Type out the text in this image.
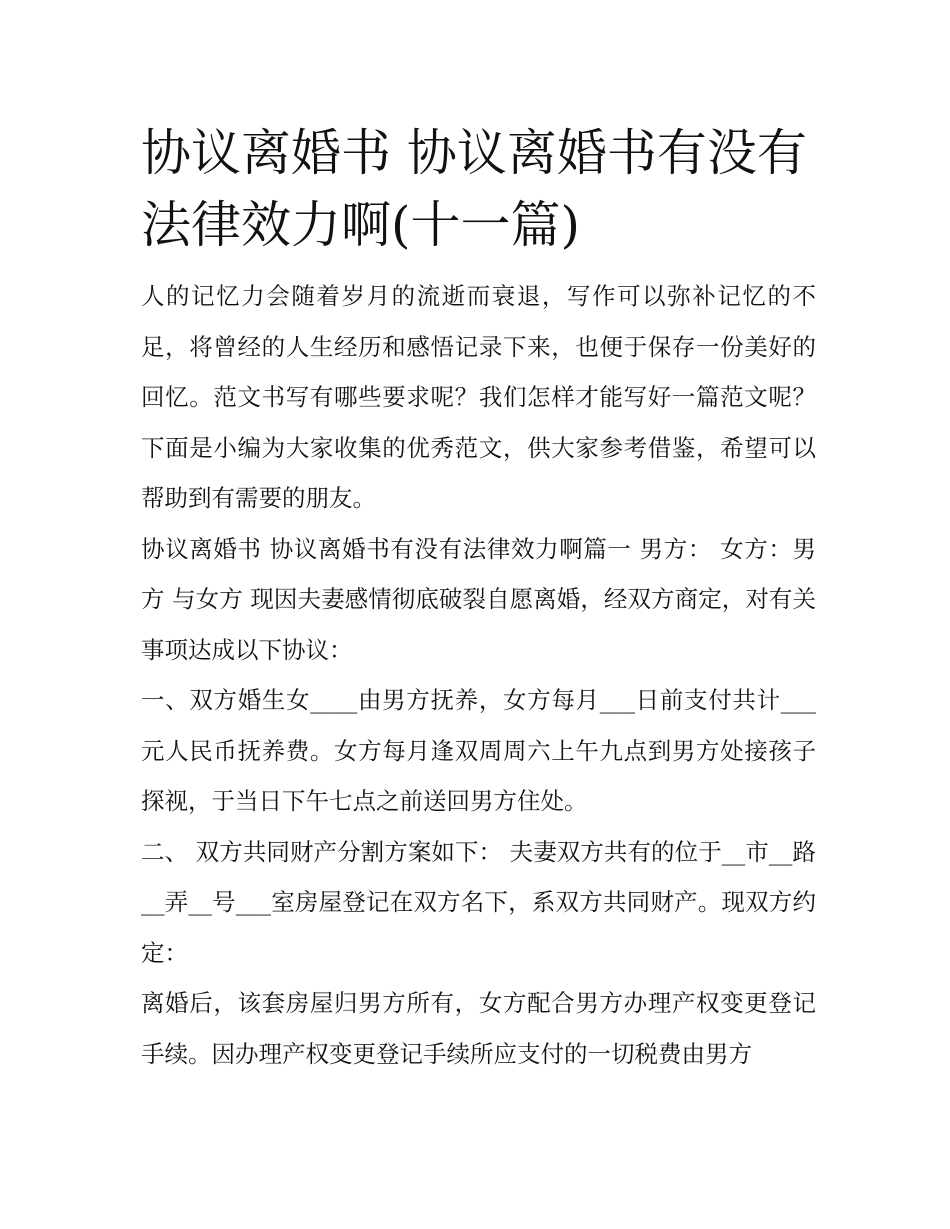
协议离婚书 协议离婚书有没有法律效力啊(十一篇)

人的记忆力会随着岁月的流逝而衰退，写作可以弥补记忆的不足，将曾经的人生经历和感悟记录下来，也便于保存一份美好的回忆。范文书写有哪些要求呢？我们怎样才能写好一篇范文呢？下面是小编为大家收集的优秀范文，供大家参考借鉴，希望可以帮助到有需要的朋友。

协议离婚书 协议离婚书有没有法律效力啊篇一 男方： 女方：男方 与女方 现因夫妻感情彻底破裂自愿离婚，经双方商定，对有关事项达成以下协议：

一、双方婚生女____由男方抚养，女方每月___日前支付共计___元人民币抚养费。女方每月逢双周周六上午九点到男方处接孩子探视，于当日下午七点之前送回男方住处。

二、 双方共同财产分割方案如下： 夫妻双方共有的位于__市__路__弄__号___室房屋登记在双方名下，系双方共同财产。现双方约定：

离婚后，该套房屋归男方所有，女方配合男方办理产权变更登记手续。因办理产权变更登记手续所应支付的一切税费由男方
